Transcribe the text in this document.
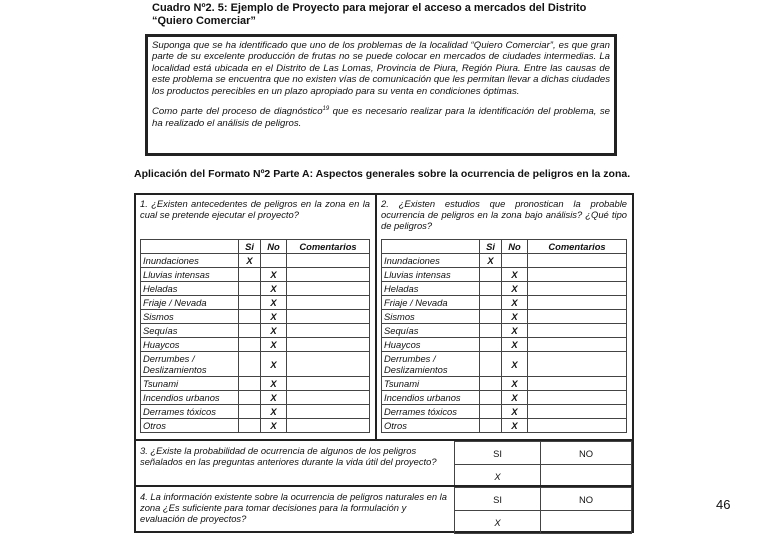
Cuadro Nº2. 5: Ejemplo de Proyecto para mejorar el acceso a mercados del Distrito
“Quiero Comerciar”

Suponga que se ha identificado que uno de los problemas de la localidad “Quiero Comerciar”, es que gran parte de su excelente producción de frutas no se puede colocar en mercados de ciudades intermedias. La localidad está ubicada en el Distrito de Las Lomas, Provincia de Piura, Región Piura. Entre las causas de este problema se encuentra que no existen vías de comunicación que les permitan llevar a dichas ciudades los productos perecibles en un plazo apropiado para su venta en condiciones óptimas.

Como parte del proceso de diagnóstico$^{19}$ que es necesario realizar para la identificación del problema, se ha realizado el análisis de peligros.

Aplicación del Formato Nº2 Parte A: Aspectos generales sobre la ocurrencia de peligros en la zona.
1. ¿Existen antecedentes de peligros en la zona en la cual se pretende ejecutar el proyecto?
2. ¿Existen estudios que pronostican la probable ocurrencia de peligros en la zona bajo análisis? ¿Qué tipo de peligros?
	Si	No	Comentarios
Inundaciones	X		
Lluvias intensas		X	
Heladas		X	
Friaje / Nevada		X	
Sismos		X	
Sequías		X	
Huaycos		X	
Derrumbes / Deslizamientos		X	
Tsunami		X	
Incendios urbanos		X	
Derrames tóxicos		X	
Otros		X	
	Si	No	Comentarios
Inundaciones	X		
Lluvias intensas		X	
Heladas		X	
Friaje / Nevada		X	
Sismos		X	
Sequías		X	
Huaycos		X	
Derrumbes / Deslizamientos		X	
Tsunami		X	
Incendios urbanos		X	
Derrames tóxicos		X	
Otros		X	
3. ¿Existe la probabilidad de ocurrencia de algunos de los peligros señalados en las preguntas anteriores durante la vida útil del proyecto?
SI	NO
X	
4. La información existente sobre la ocurrencia de peligros naturales en la zona ¿Es suficiente para tomar decisiones para la formulación y evaluación de proyectos?
SI	NO
X	
46
